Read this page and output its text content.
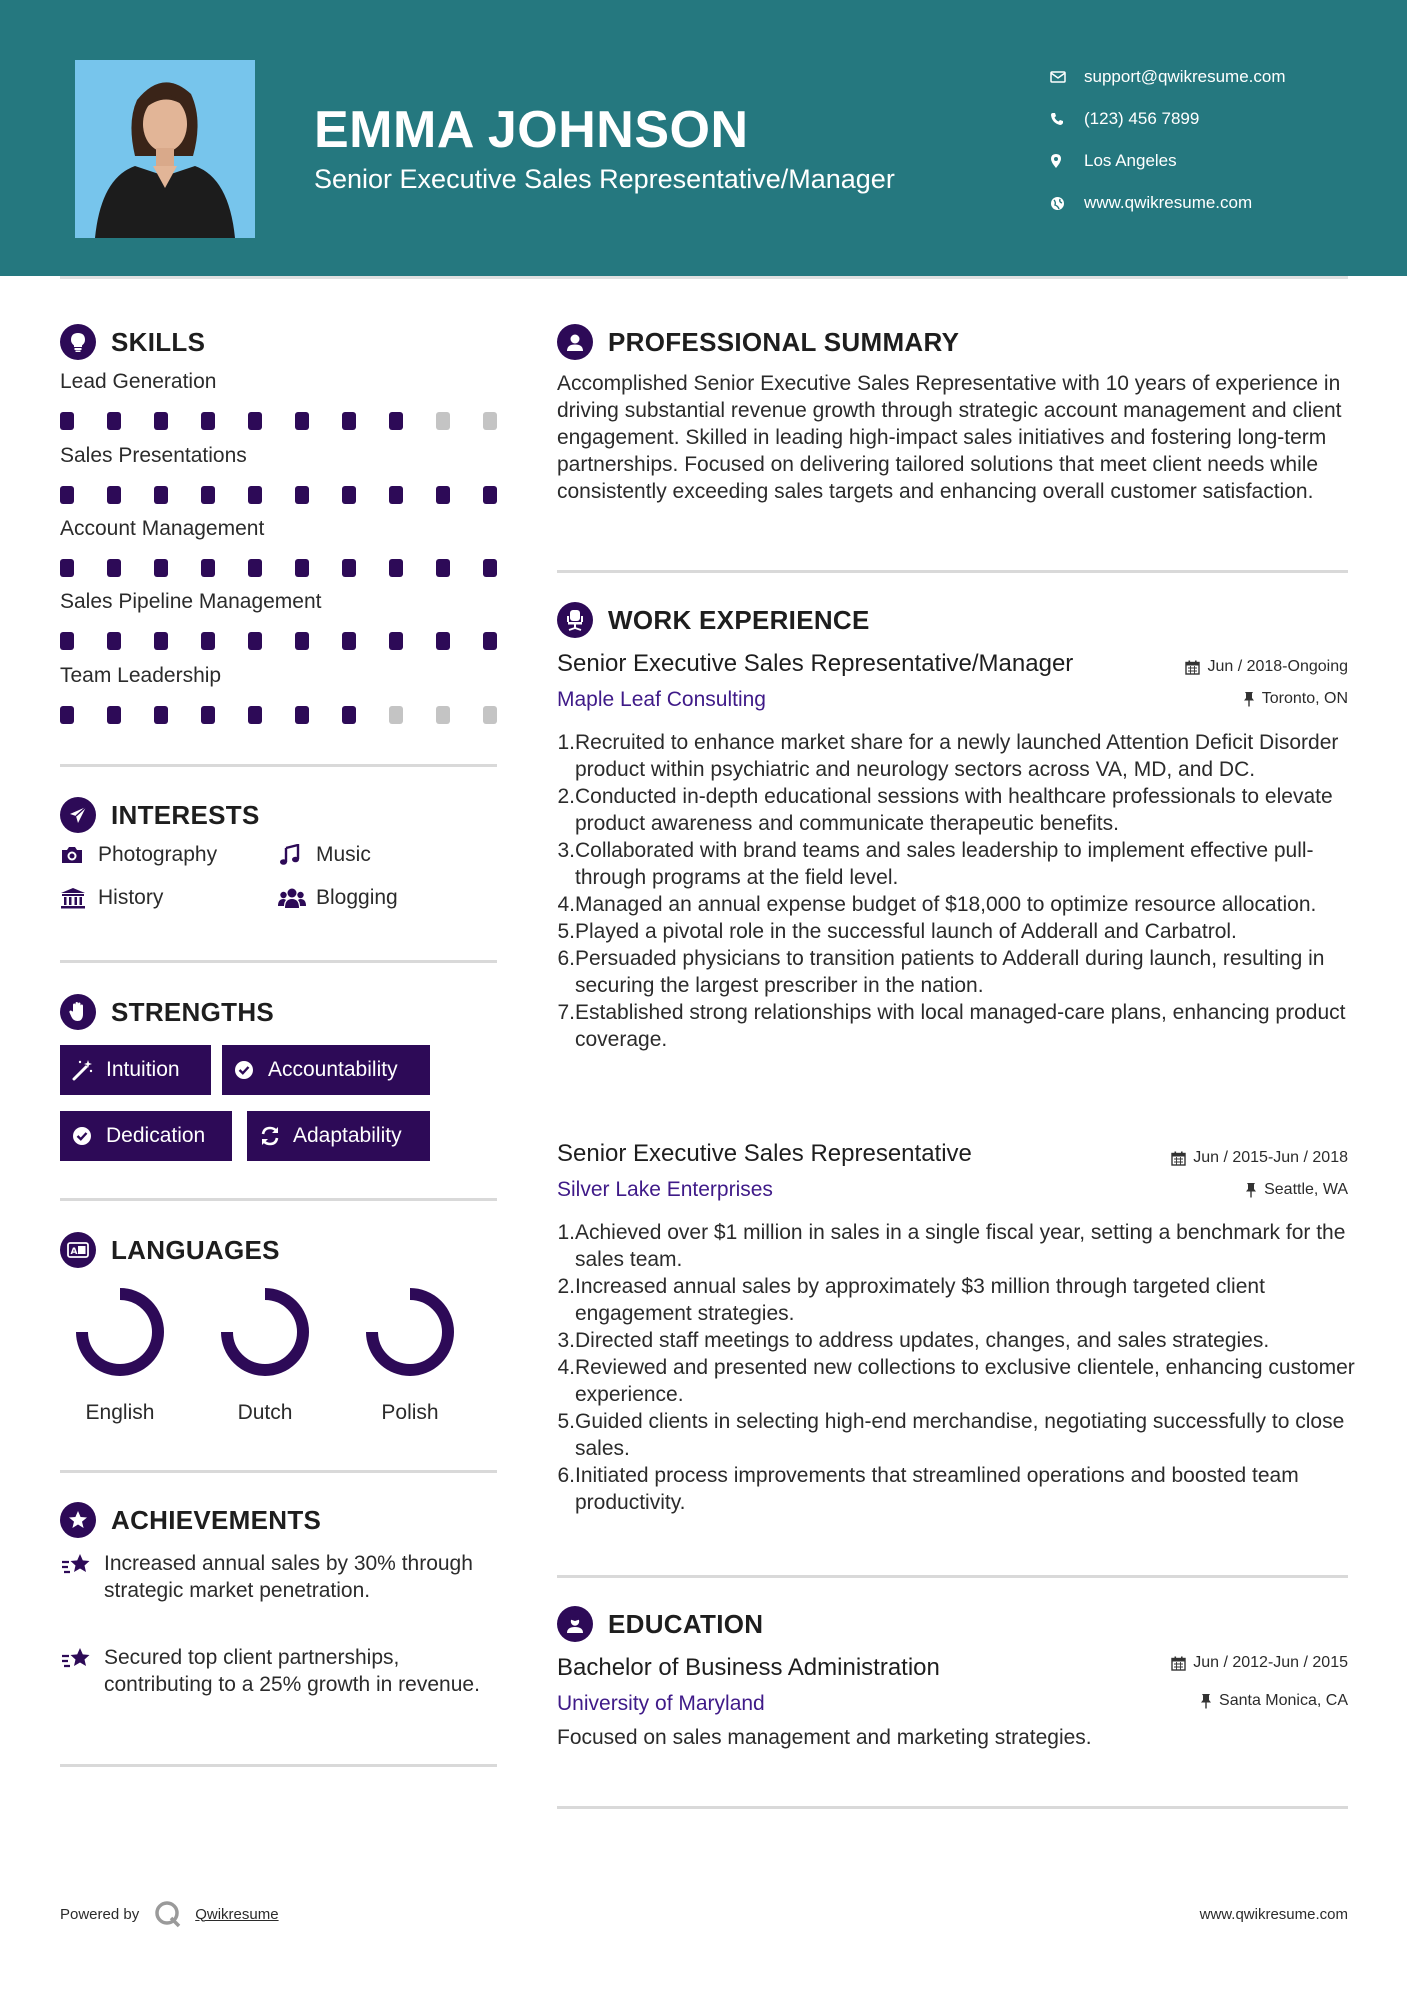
EMMA JOHNSON
Senior Executive Sales Representative/Manager
support@qwikresume.com
(123) 456 7899
Los Angeles
www.qwikresume.com
SKILLS
Lead Generation
Sales Presentations
Account Management
Sales Pipeline Management
Team Leadership
INTERESTS
Photography	Music
History	Blogging
STRENGTHS
Intuition	Accountability
Dedication	Adaptability
A LANGUAGES
English	Dutch	Polish
ACHIEVEMENTS
Increased annual sales by 30% through strategic market penetration.
Secured top client partnerships, contributing to a 25% growth in revenue.
PROFESSIONAL SUMMARY
Accomplished Senior Executive Sales Representative with 10 years of experience in driving substantial revenue growth through strategic account management and client engagement. Skilled in leading high-impact sales initiatives and fostering long-term partnerships. Focused on delivering tailored solutions that meet client needs while consistently exceeding sales targets and enhancing overall customer satisfaction.
WORK EXPERIENCE
Senior Executive Sales Representative/Manager	Jun / 2018-Ongoing
Maple Leaf Consulting	Toronto, ON
1. Recruited to enhance market share for a newly launched Attention Deficit Disorder product within psychiatric and neurology sectors across VA, MD, and DC.
2. Conducted in-depth educational sessions with healthcare professionals to elevate product awareness and communicate therapeutic benefits.
3. Collaborated with brand teams and sales leadership to implement effective pull-through programs at the field level.
4. Managed an annual expense budget of $18,000 to optimize resource allocation.
5. Played a pivotal role in the successful launch of Adderall and Carbatrol.
6. Persuaded physicians to transition patients to Adderall during launch, resulting in securing the largest prescriber in the nation.
7. Established strong relationships with local managed-care plans, enhancing product coverage.
Senior Executive Sales Representative	Jun / 2015-Jun / 2018
Silver Lake Enterprises	Seattle, WA
1. Achieved over $1 million in sales in a single fiscal year, setting a benchmark for the sales team.
2. Increased annual sales by approximately $3 million through targeted client engagement strategies.
3. Directed staff meetings to address updates, changes, and sales strategies.
4. Reviewed and presented new collections to exclusive clientele, enhancing customer experience.
5. Guided clients in selecting high-end merchandise, negotiating successfully to close sales.
6. Initiated process improvements that streamlined operations and boosted team productivity.
EDUCATION
Bachelor of Business Administration	Jun / 2012-Jun / 2015
University of Maryland	Santa Monica, CA
Focused on sales management and marketing strategies.
Powered by	Qwikresume	www.qwikresume.com
